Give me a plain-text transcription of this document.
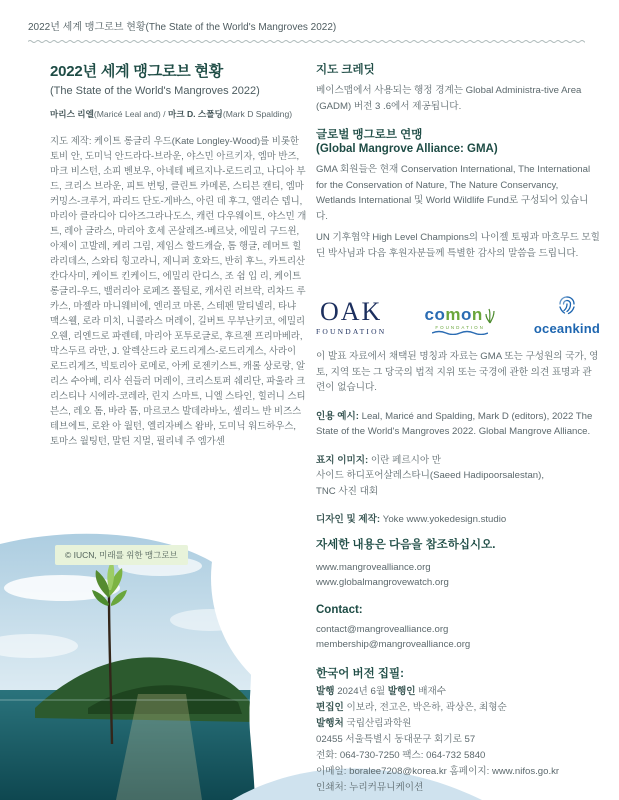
2022년 세계 맹그로브 현황(The State of the World's Mangroves 2022)
© IUCN, 미래를 위한 맹그로브
2022년 세계 맹그로브 현황
(The State of the World's Mangroves 2022)
마리스 리엘(Maricé Leal and) / 마크 D. 스폴딩(Mark D Spalding)
지도 제작: 케이트 롱글리 우드(Kate Longley-Wood)를 비롯한 토비 안, 도미닉 안드라다-브라운, 야스민 아르키자, 엠마 반즈, 마크 비스턴, 소피 벤보우, 아네테 베르지나-로드리고, 나디아 부드, 크리스 브라운, 피트 번팅, 클린트 카메론, 스티븐 캔티, 엠마 커밍스-크루거, 파리드 단도-게바스, 아린 데 후그, 앨리슨 뎁니, 마리아 클라디아 디아즈그라나도스, 캐런 다우웨이트, 야스민 개트, 레아 글라스, 마리아 호세 곤살레즈-베르낫, 에밀리 구드윈, 아제이 고발레, 케리 그림, 제임스 할드캐슬, 톰 행글, 레머트 힐라리데스, 스와티 힝고라니, 제니퍼 호와드, 반히 후느, 카트리산 칸다사미, 케이트 킨케이드, 에밀리 란디스, 조 쉼 입 리, 케이트 롱글리-우드, 밸러리아 로페즈 폴틸로, 캐서린 러브락, 리차드 루카스, 마젤라 마니웨비에, 엔리코 마론, 스테펜 말티넬리, 타냐 맥스웰, 로라 미치, 니콜라스 머레이, 길버트 무부난키코, 에밀리 오웬, 리엔드로 파렌테, 마리아 포투로글로, 후르젠 프리마베라, 막스두르 라만, J. 알렉산드라 로드리게스-로드리게스, 사라이 로드리게즈, 빅토리아 로메로, 아케 로젠키스트, 캐롤 상로랑, 알리스 수아베, 리사 쉰들러 머레이, 크리스토퍼 쉐리단, 파울라 크리스티나 시에라-코레라, 린지 스마트, 니엘 스타인, 힐러니 스티븐스, 레오 톰, 바라 톰, 마르코스 발데라바노, 셀리느 반 비즈스테브에트, 로완 아 월턴, 엘리자베스 왐바, 도미닉 워드하우스, 토마스 월팅턴, 말틴 지멀, 필리네 주 엠가센
지도 크레딧
베이스맵에서 사용되는 행정 경계는 Global Administra-tive Area (GADM) 버전 3 .6에서 제공됩니다.
글로벌 맹그로브 연맹
(Global Mangrove Alliance: GMA)
GMA 회원들은 현재 Conservation International, The International for the Conservation of Nature, The Nature Conservancy, Wetlands International 및 World Wildlife Fund로 구성되어 있습니다.
UN 기후협약 High Level Champions의 나이젤 토핑과 마흐무드 모힐딘 박사님과 다음 후원자분들께 특별한 감사의 말씀을 드립니다.
OAK
FOUNDATION
c o m o n
FOUNDATION	oceankind
이 발표 자료에서 채택된 명칭과 자료는 GMA 또는 구성원의 국가, 영토, 지역 또는 그 당국의 법적 지위 또는 국경에 관한 의견 표명과 관련이 없습니다.
인용 예시: Leal, Maricé and Spalding, Mark D (editors), 2022 The State of the World's Mangroves 2022. Global Mangrove Alliance.
표지 이미지: 이란 페르시아 만
사이드 하디포어살레스타니(Saeed Hadipoorsalestan),
TNC 사진 대회
디자인 및 제작: Yoke www.yokedesign.studio
자세한 내용은 다음을 참조하십시오.
www.mangrovealliance.org
www.globalmangrovewatch.org
Contact:
contact@mangrovealliance.org
membership@mangrovealliance.org
한국어 버전 집필:
발행 2024년 6월 발행인 배재수
편집인 이보라, 전고은, 박은하, 곽상은, 최형순
발행처 국립산림과학원
02455 서울특별시 동대문구 회기로 57
전화: 064-730-7250 팩스: 064-732 5840
이메일: boralee7208@korea.kr 홈페이지: www.nifos.go.kr
인쇄처: 누리커뮤니케이션
